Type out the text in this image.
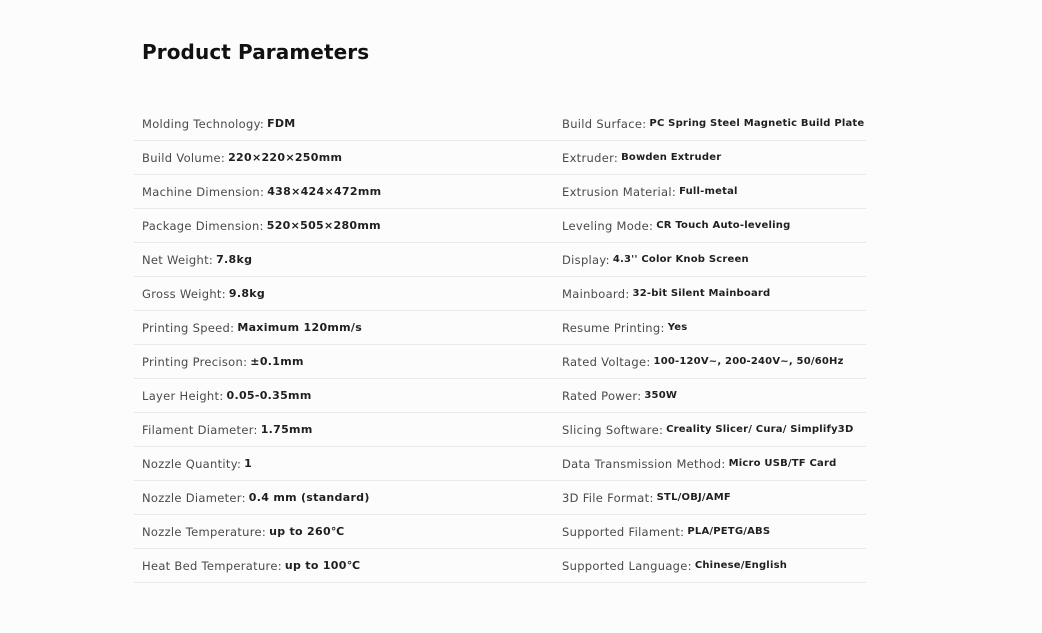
Product Parameters
Molding Technology: FDM
Build Volume: 220×220×250mm
Machine Dimension: 438×424×472mm
Package Dimension: 520×505×280mm
Net Weight: 7.8kg
Gross Weight: 9.8kg
Printing Speed: Maximum 120mm/s
Printing Precison: ±0.1mm
Layer Height: 0.05-0.35mm
Filament Diameter: 1.75mm
Nozzle Quantity: 1
Nozzle Diameter: 0.4 mm (standard)
Nozzle Temperature: up to 260℃
Heat Bed Temperature: up to 100℃
Build Surface: PC Spring Steel Magnetic Build Plate
Extruder: Bowden Extruder
Extrusion Material: Full-metal
Leveling Mode: CR Touch Auto-leveling
Display: 4.3'' Color Knob Screen
Mainboard: 32-bit Silent Mainboard
Resume Printing: Yes
Rated Voltage: 100-120V~, 200-240V~, 50/60Hz
Rated Power: 350W
Slicing Software: Creality Slicer/ Cura/ Simplify3D
Data Transmission Method: Micro USB/TF Card
3D File Format: STL/OBJ/AMF
Supported Filament: PLA/PETG/ABS
Supported Language: Chinese/English
